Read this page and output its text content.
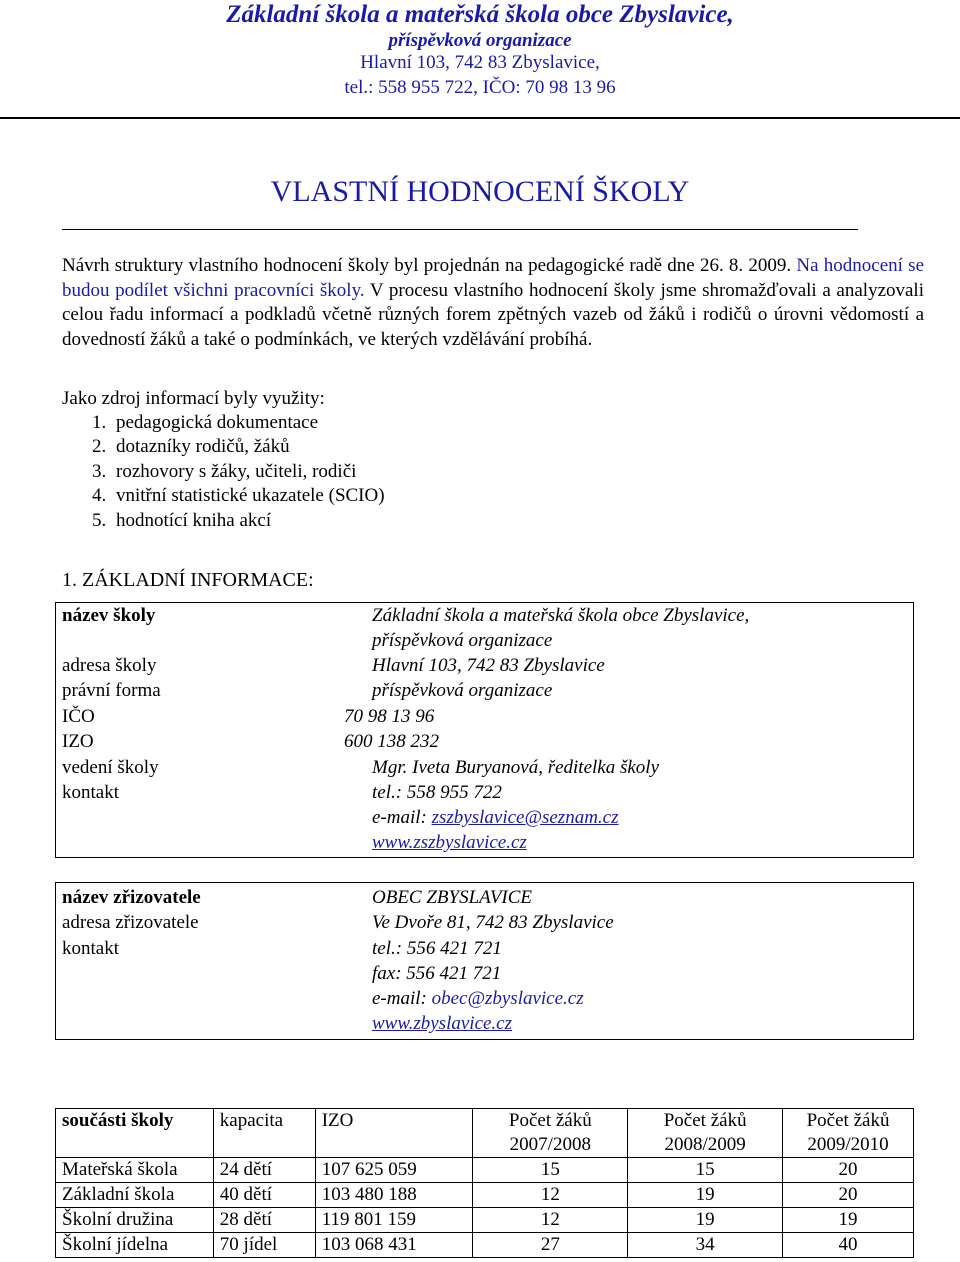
Základní škola a mateřská škola obce Zbyslavice,
příspěvková organizace
Hlavní 103, 742 83 Zbyslavice,
tel.: 558 955 722, IČO: 70 98 13 96
VLASTNÍ HODNOCENÍ ŠKOLY
Návrh struktury vlastního hodnocení školy byl projednán na pedagogické radě dne 26. 8. 2009. Na hodnocení se budou podílet všichni pracovníci školy. V procesu vlastního hodnocení školy jsme shromažďovali a analyzovali celou řadu informací a podkladů včetně různých forem zpětných vazeb od žáků i rodičů o úrovni vědomostí a dovedností žáků a také o podmínkách, ve kterých vzdělávání probíhá.
Jako zdroj informací byly využity:
1. pedagogická dokumentace
2. dotazníky rodičů, žáků
3. rozhovory s žáky, učiteli, rodiči
4. vnitřní statistické ukazatele (SCIO)
5. hodnotící kniha akcí
1. ZÁKLADNÍ INFORMACE:
název školy	Základní škola a mateřská škola obce Zbyslavice,
příspěvková organizace
adresa školy	Hlavní 103, 742 83 Zbyslavice
právní forma	příspěvková organizace
IČO	70 98 13 96
IZO	600 138 232
vedení školy	Mgr. Iveta Buryanová, ředitelka školy
kontakt	tel.: 558 955 722
e-mail: zszbyslavice@seznam.cz
www.zszbyslavice.cz
název zřizovatele	OBEC ZBYSLAVICE
adresa zřizovatele	Ve Dvoře 81, 742 83 Zbyslavice
kontakt	tel.: 556 421 721
fax: 556 421 721
e-mail: obec@zbyslavice.cz
www.zbyslavice.cz
součásti školy	kapacita	IZO	Počet žáků 2007/2008	Počet žáků 2008/2009	Počet žáků 2009/2010
Mateřská škola	24 dětí	107 625 059	15	15	20
Základní škola	40 dětí	103 480 188	12	19	20
Školní družina	28 dětí	119 801 159	12	19	19
Školní jídelna	70 jídel	103 068 431	27	34	40
